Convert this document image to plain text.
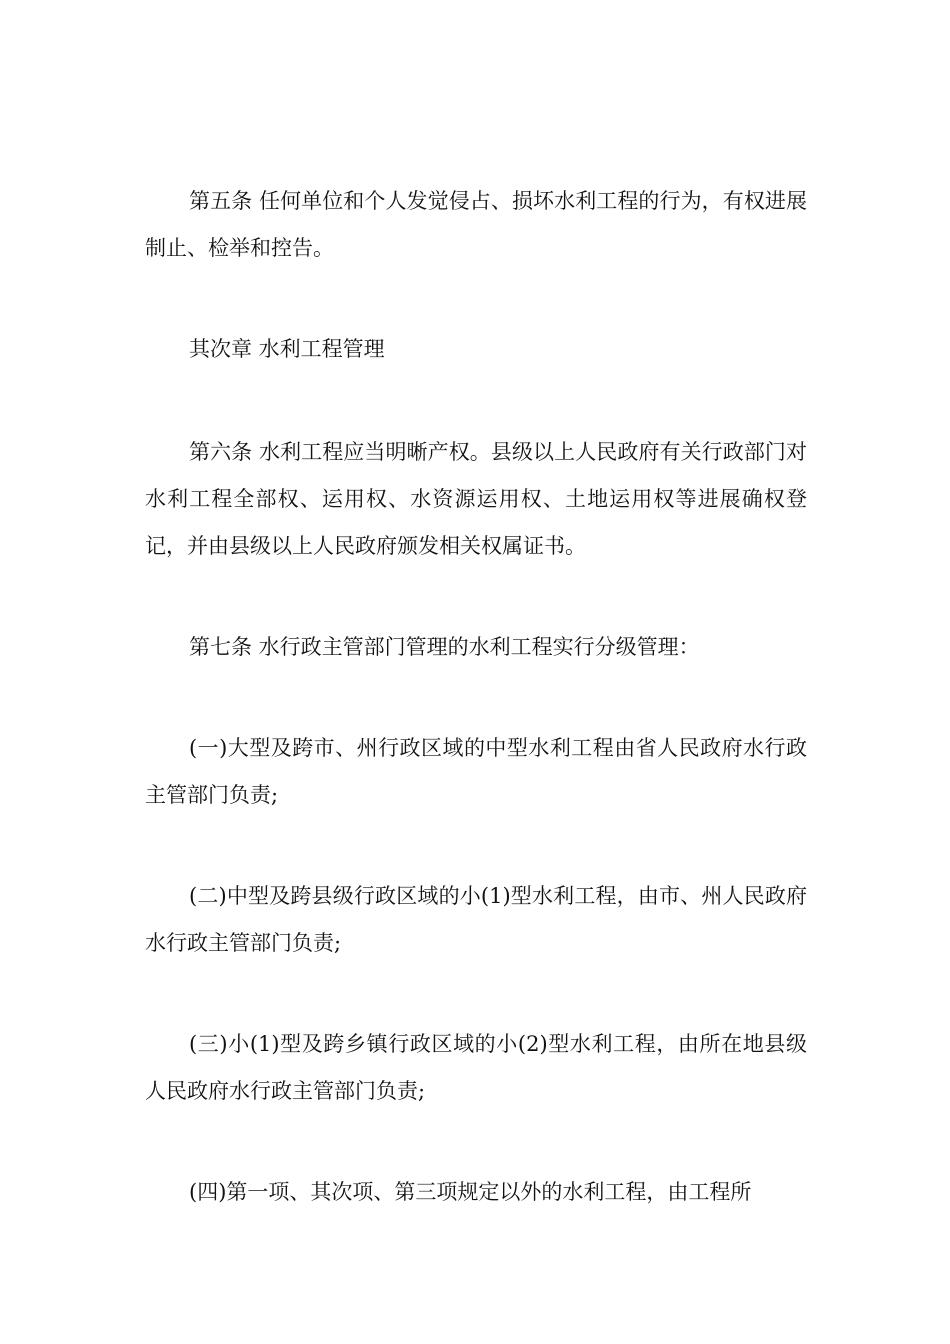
第五条 任何单位和个人发觉侵占、损坏水利工程的行为，有权进展制止、检举和控告。

其次章 水利工程管理

第六条 水利工程应当明晰产权。县级以上人民政府有关行政部门对水利工程全部权、运用权、水资源运用权、土地运用权等进展确权登记，并由县级以上人民政府颁发相关权属证书。

第七条 水行政主管部门管理的水利工程实行分级管理：

(一)大型及跨市、州行政区域的中型水利工程由省人民政府水行政主管部门负责;

(二)中型及跨县级行政区域的小(1)型水利工程，由市、州人民政府水行政主管部门负责;

(三)小(1)型及跨乡镇行政区域的小(2)型水利工程，由所在地县级人民政府水行政主管部门负责;

(四)第一项、其次项、第三项规定以外的水利工程，由工程所
